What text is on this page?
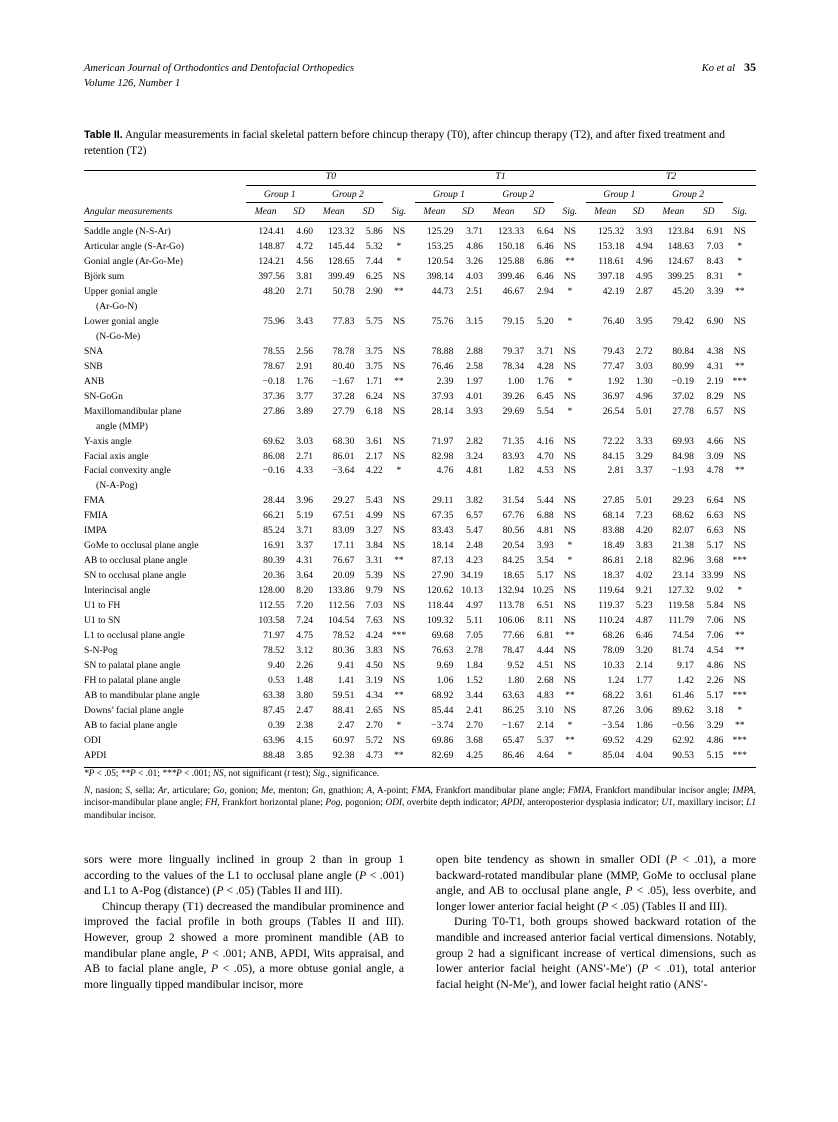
American Journal of Orthodontics and Dentofacial Orthopedics	Ko et al 35
Volume 126, Number 1
Table II. Angular measurements in facial skeletal pattern before chincup therapy (T0), after chincup therapy (T2), and after fixed treatment and retention (T2)

	T0					T1					T2				

	Group 1		Group 2			Group 1		Group 2			Group 1		Group 2		

Angular measurements	Mean	SD	Mean	SD	Sig.	Mean	SD	Mean	SD	Sig.	Mean	SD	Mean	SD	Sig.

Saddle angle (N-S-Ar)	124.41	4.60	123.32	5.86	NS	125.29	3.71	123.33	6.64	NS	125.32	3.93	123.84	6.91	NS
Articular angle (S-Ar-Go)	148.87	4.72	145.44	5.32	*	153.25	4.86	150.18	6.46	NS	153.18	4.94	148.63	7.03	*
Gonial angle (Ar-Go-Me)	124.21	4.56	128.65	7.44	*	120.54	3.26	125.88	6.86	**	118.61	4.96	124.67	8.43	*
Björk sum	397.56	3.81	399.49	6.25	NS	398.14	4.03	399.46	6.46	NS	397.18	4.95	399.25	8.31	*
Upper gonial angle	48.20	2.71	50.78	2.90	**	44.73	2.51	46.67	2.94	*	42.19	2.87	45.20	3.39	**
(Ar-Go-N)															
Lower gonial angle	75.96	3.43	77.83	5.75	NS	75.76	3.15	79.15	5.20	*	76.40	3.95	79.42	6.90	NS
(N-Go-Me)															
SNA	78.55	2.56	78.78	3.75	NS	78.88	2.88	79.37	3.71	NS	79.43	2.72	80.84	4.38	NS
SNB	78.67	2.91	80.40	3.75	NS	76.46	2.58	78.34	4.28	NS	77.47	3.03	80.99	4.31	**
ANB	−0.18	1.76	−1.67	1.71	**	2.39	1.97	1.00	1.76	*	1.92	1.30	−0.19	2.19	***
SN-GoGn	37.36	3.77	37.28	6.24	NS	37.93	4.01	39.26	6.45	NS	36.97	4.96	37.02	8.29	NS
Maxillomandibular plane	27.86	3.89	27.79	6.18	NS	28.14	3.93	29.69	5.54	*	26.54	5.01	27.78	6.57	NS
angle (MMP)															
Y-axis angle	69.62	3.03	68.30	3.61	NS	71.97	2.82	71.35	4.16	NS	72.22	3.33	69.93	4.66	NS
Facial axis angle	86.08	2.71	86.01	2.17	NS	82.98	3.24	83.93	4.70	NS	84.15	3.29	84.98	3.09	NS
Facial convexity angle	−0.16	4.33	−3.64	4.22	*	4.76	4.81	1.82	4.53	NS	2.81	3.37	−1.93	4.78	**
(N-A-Pog)															
FMA	28.44	3.96	29.27	5.43	NS	29.11	3.82	31.54	5.44	NS	27.85	5.01	29.23	6.64	NS
FMIA	66.21	5.19	67.51	4.99	NS	67.35	6.57	67.76	6.88	NS	68.14	7.23	68.62	6.63	NS
IMPA	85.24	3.71	83.09	3.27	NS	83.43	5.47	80.56	4.81	NS	83.88	4.20	82.07	6.63	NS
GoMe to occlusal plane angle	16.91	3.37	17.11	3.84	NS	18.14	2.48	20.54	3.93	*	18.49	3.83	21.38	5.17	NS
AB to occlusal plane angle	80.39	4.31	76.67	3.31	**	87.13	4.23	84.25	3.54	*	86.81	2.18	82.96	3.68	***
SN to occlusal plane angle	20.36	3.64	20.09	5.39	NS	27.90	34.19	18.65	5.17	NS	18.37	4.02	23.14	33.99	NS
Interincisal angle	128.00	8.20	133.86	9.79	NS	120.62	10.13	132.94	10.25	NS	119.64	9.21	127.32	9.02	*
U1 to FH	112.55	7.20	112.56	7.03	NS	118.44	4.97	113.78	6.51	NS	119.37	5.23	119.58	5.84	NS
U1 to SN	103.58	7.24	104.54	7.63	NS	109.32	5.11	106.06	8.11	NS	110.24	4.87	111.79	7.06	NS
L1 to occlusal plane angle	71.97	4.75	78.52	4.24	***	69.68	7.05	77.66	6.81	**	68.26	6.46	74.54	7.06	**
S-N-Pog	78.52	3.12	80.36	3.83	NS	76.63	2.78	78.47	4.44	NS	78.09	3.20	81.74	4.54	**
SN to palatal plane angle	9.40	2.26	9.41	4.50	NS	9.69	1.84	9.52	4.51	NS	10.33	2.14	9.17	4.86	NS
FH to palatal plane angle	0.53	1.48	1.41	3.19	NS	1.06	1.52	1.80	2.68	NS	1.24	1.77	1.42	2.26	NS
AB to mandibular plane angle	63.38	3.80	59.51	4.34	**	68.92	3.44	63.63	4.83	**	68.22	3.61	61.46	5.17	***
Downs’ facial plane angle	87.45	2.47	88.41	2.65	NS	85.44	2.41	86.25	3.10	NS	87.26	3.06	89.62	3.18	*
AB to facial plane angle	0.39	2.38	2.47	2.70	*	−3.74	2.70	−1.67	2.14	*	−3.54	1.86	−0.56	3.29	**
ODI	63.96	4.15	60.97	5.72	NS	69.86	3.68	65.47	5.37	**	69.52	4.29	62.92	4.86	***
APDI	88.48	3.85	92.38	4.73	**	82.69	4.25	86.46	4.64	*	85.04	4.04	90.53	5.15	***

*P < .05; **P < .01; ***P < .001; NS, not significant (t test); Sig., significance.

N, nasion; S, sella; Ar, articulare; Go, gonion; Me, menton; Gn, gnathion; A, A-point; FMA, Frankfort mandibular plane angle; FMIA, Frankfort mandibular incisor angle; IMPA, incisor-mandibular plane angle; FH, Frankfort horizontal plane; Pog, pogonion; ODI, overbite depth indicator; APDI, anteroposterior dysplasia indicator; U1, maxillary incisor; L1 mandibular incisor.

sors were more lingually inclined in group 2 than in group 1 according to the values of the L1 to occlusal plane angle (P < .001) and L1 to A-Pog (distance) (P < .05) (Tables II and III).

Chincup therapy (T1) decreased the mandibular prominence and improved the facial profile in both groups (Tables II and III). However, group 2 showed a more prominent mandible (AB to mandibular plane angle, P < .001; ANB, APDI, Wits appraisal, and AB to facial plane angle, P < .05), a more obtuse gonial angle, a more lingually tipped mandibular incisor, more

open bite tendency as shown in smaller ODI (P < .01), a more backward-rotated mandibular plane (MMP, GoMe to occlusal plane angle, and AB to occlusal plane angle, P < .05), less overbite, and longer lower anterior facial height (P < .05) (Tables II and III).

During T0-T1, both groups showed backward rotation of the mandible and increased anterior facial vertical dimensions. Notably, group 2 had a significant increase of vertical dimensions, such as lower anterior facial height (ANS′-Me′) (P < .01), total anterior facial height (N-Me′), and lower facial height ratio (ANS′-
